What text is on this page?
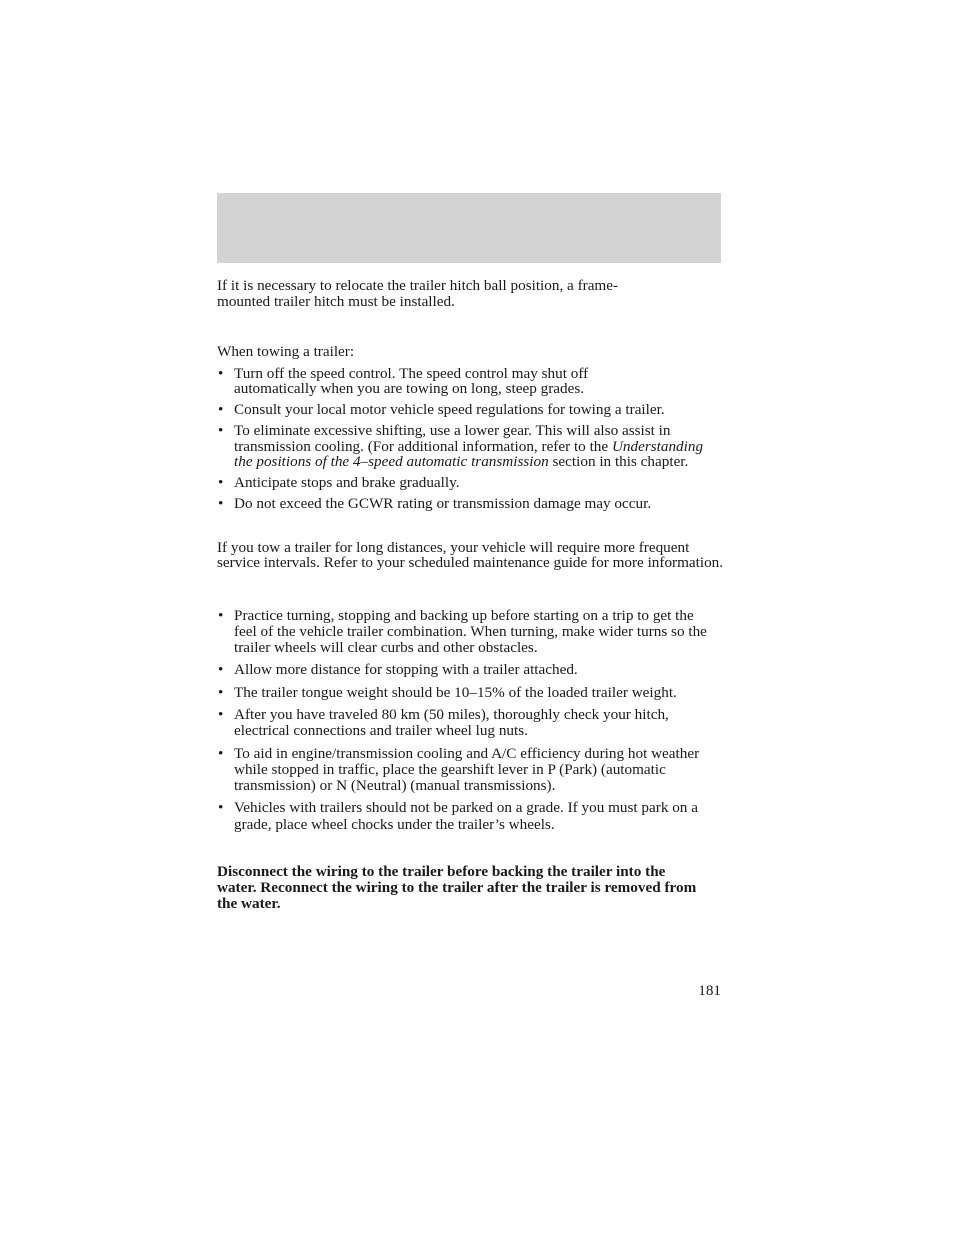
If it is necessary to relocate the trailer hitch ball position, a frame-mounted trailer hitch must be installed.

When towing a trailer:

• Turn off the speed control. The speed control may shut off automatically when you are towing on long, steep grades.
• Consult your local motor vehicle speed regulations for towing a trailer.
• To eliminate excessive shifting, use a lower gear. This will also assist in transmission cooling. (For additional information, refer to the Understanding the positions of the 4–speed automatic transmission section in this chapter.
• Anticipate stops and brake gradually.
• Do not exceed the GCWR rating or transmission damage may occur.

If you tow a trailer for long distances, your vehicle will require more frequent service intervals. Refer to your scheduled maintenance guide for more information.

• Practice turning, stopping and backing up before starting on a trip to get the feel of the vehicle trailer combination. When turning, make wider turns so the trailer wheels will clear curbs and other obstacles.
• Allow more distance for stopping with a trailer attached.
• The trailer tongue weight should be 10–15% of the loaded trailer weight.
• After you have traveled 80 km (50 miles), thoroughly check your hitch, electrical connections and trailer wheel lug nuts.
• To aid in engine/transmission cooling and A/C efficiency during hot weather while stopped in traffic, place the gearshift lever in P (Park) (automatic transmission) or N (Neutral) (manual transmissions).
• Vehicles with trailers should not be parked on a grade. If you must park on a grade, place wheel chocks under the trailer’s wheels.

Disconnect the wiring to the trailer before backing the trailer into the water. Reconnect the wiring to the trailer after the trailer is removed from the water.

181
